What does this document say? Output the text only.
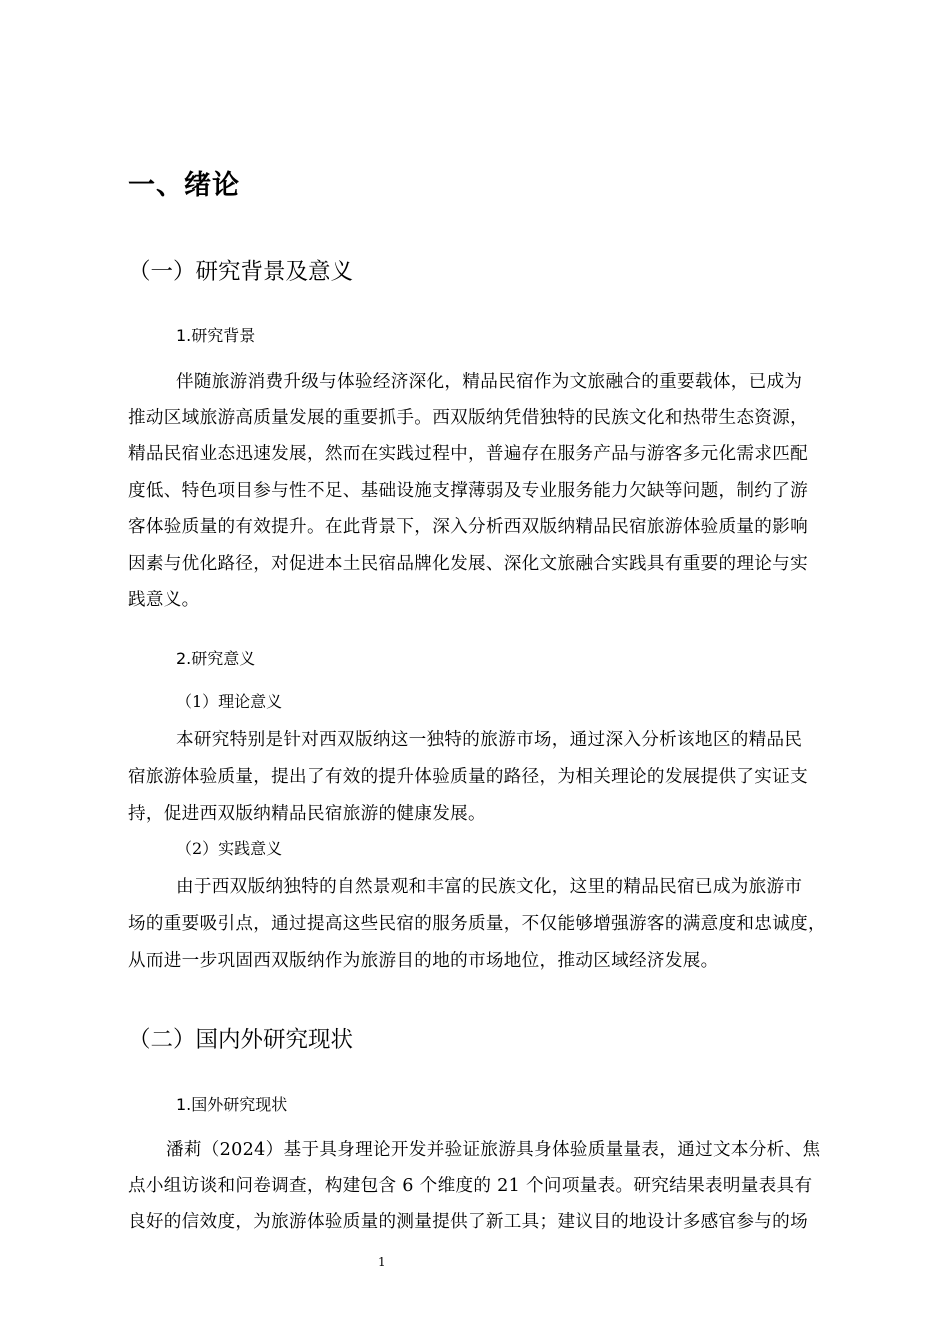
一、绪论
（一）研究背景及意义
1.研究背景
伴随旅游消费升级与体验经济深化，精品民宿作为文旅融合的重要载体，已成为
推动区域旅游高质量发展的重要抓手。西双版纳凭借独特的民族文化和热带生态资源，
精品民宿业态迅速发展，然而在实践过程中，普遍存在服务产品与游客多元化需求匹配
度低、特色项目参与性不足、基础设施支撑薄弱及专业服务能力欠缺等问题，制约了游
客体验质量的有效提升。在此背景下，深入分析西双版纳精品民宿旅游体验质量的影响
因素与优化路径，对促进本土民宿品牌化发展、深化文旅融合实践具有重要的理论与实
践意义。
2.研究意义
（1）理论意义
本研究特别是针对西双版纳这一独特的旅游市场，通过深入分析该地区的精品民
宿旅游体验质量，提出了有效的提升体验质量的路径，为相关理论的发展提供了实证支
持，促进西双版纳精品民宿旅游的健康发展。
（2）实践意义
由于西双版纳独特的自然景观和丰富的民族文化，这里的精品民宿已成为旅游市
场的重要吸引点，通过提高这些民宿的服务质量，不仅能够增强游客的满意度和忠诚度，
从而进一步巩固西双版纳作为旅游目的地的市场地位，推动区域经济发展。
（二）国内外研究现状
1.国外研究现状
潘莉（2024）基于具身理论开发并验证旅游具身体验质量量表，通过文本分析、焦
点小组访谈和问卷调查，构建包含 6 个维度的 21 个问项量表。研究结果表明量表具有
良好的信效度，为旅游体验质量的测量提供了新工具；建议目的地设计多感官参与的场
1
